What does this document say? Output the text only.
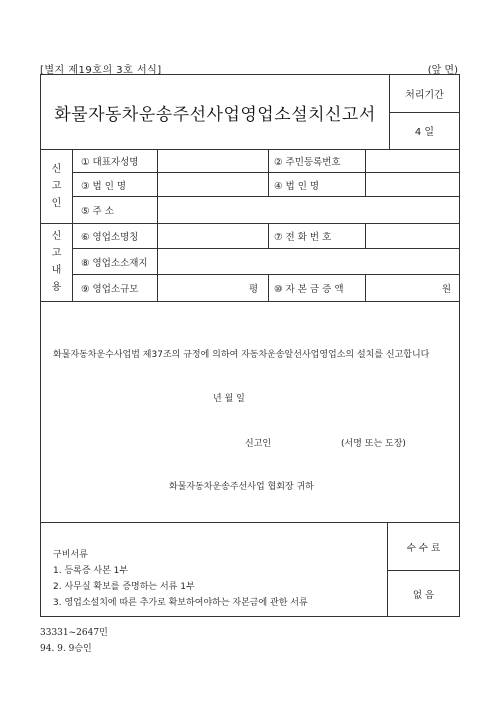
[별지 제19호의 3호 서식]	(앞 면)
화물자동차운송주선사업영업소설치신고서
처리기간
4 일
신
고
인
① 대표자성명	② 주민등록번호
③ 법 인 명	④ 법 인 명
⑤ 주 소
신
고
내
용
⑥ 영업소명칭	⑦ 전 화 번 호
⑧ 영업소소재지
⑨ 영업소규모	평 ⑩ 자 본 금 증 액	원
화물자동차운수사업법 제37조의 규정에 의하여 자동차운송알선사업영업소의 설치를 신고합니다
년 월 일
신고인	(서명 또는 도장)
화물자동차운송주선사업 협회장 귀하
구비서류
1. 등록증 사본 1부
2. 사무실 확보를 증명하는 서류 1부
3. 영업소설치에 따른 추가로 확보하여야하는 자본금에 관한 서류
수 수 료
없 음
33331~2647민
94. 9. 9승인
